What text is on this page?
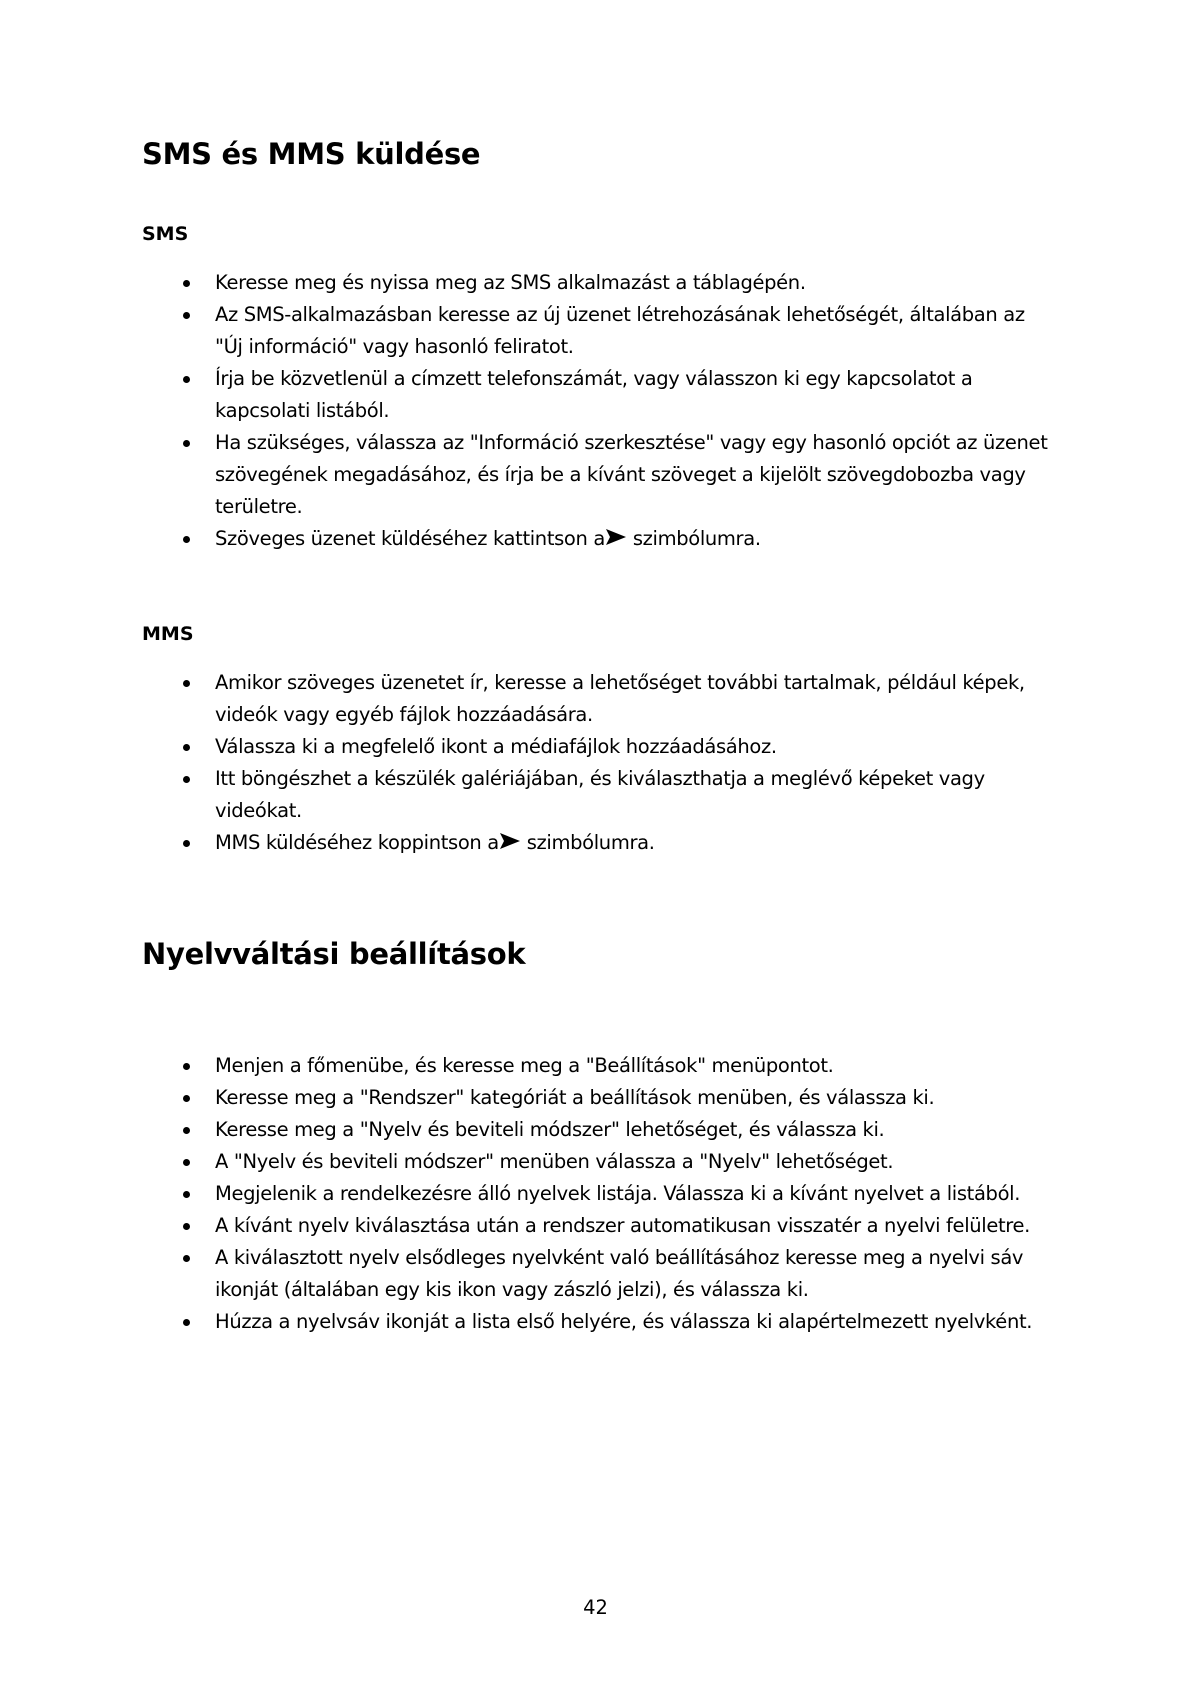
SMS és MMS küldése
SMS
Keresse meg és nyissa meg az SMS alkalmazást a táblagépén.
Az SMS-alkalmazásban keresse az új üzenet létrehozásának lehetőségét, általában az "Új információ" vagy hasonló feliratot.
Írja be közvetlenül a címzett telefonszámát, vagy válasszon ki egy kapcsolatot a kapcsolati listából.
Ha szükséges, válassza az "Információ szerkesztése" vagy egy hasonló opciót az üzenet szövegének megadásához, és írja be a kívánt szöveget a kijelölt szövegdobozba vagy területre.
Szöveges üzenet küldéséhez kattintson a szimbólumra.
MMS
Amikor szöveges üzenetet ír, keresse a lehetőséget további tartalmak, például képek, videók vagy egyéb fájlok hozzáadására.
Válassza ki a megfelelő ikont a médiafájlok hozzáadásához.
Itt böngészhet a készülék galériájában, és kiválaszthatja a meglévő képeket vagy videókat.
MMS küldéséhez koppintson a szimbólumra.
Nyelvváltási beállítások
Menjen a főmenübe, és keresse meg a "Beállítások" menüpontot.
Keresse meg a "Rendszer" kategóriát a beállítások menüben, és válassza ki.
Keresse meg a "Nyelv és beviteli módszer" lehetőséget, és válassza ki.
A "Nyelv és beviteli módszer" menüben válassza a "Nyelv" lehetőséget.
Megjelenik a rendelkezésre álló nyelvek listája. Válassza ki a kívánt nyelvet a listából.
A kívánt nyelv kiválasztása után a rendszer automatikusan visszatér a nyelvi felületre.
A kiválasztott nyelv elsődleges nyelvként való beállításához keresse meg a nyelvi sáv ikonját (általában egy kis ikon vagy zászló jelzi), és válassza ki.
Húzza a nyelvsáv ikonját a lista első helyére, és válassza ki alapértelmezett nyelvként.
42
